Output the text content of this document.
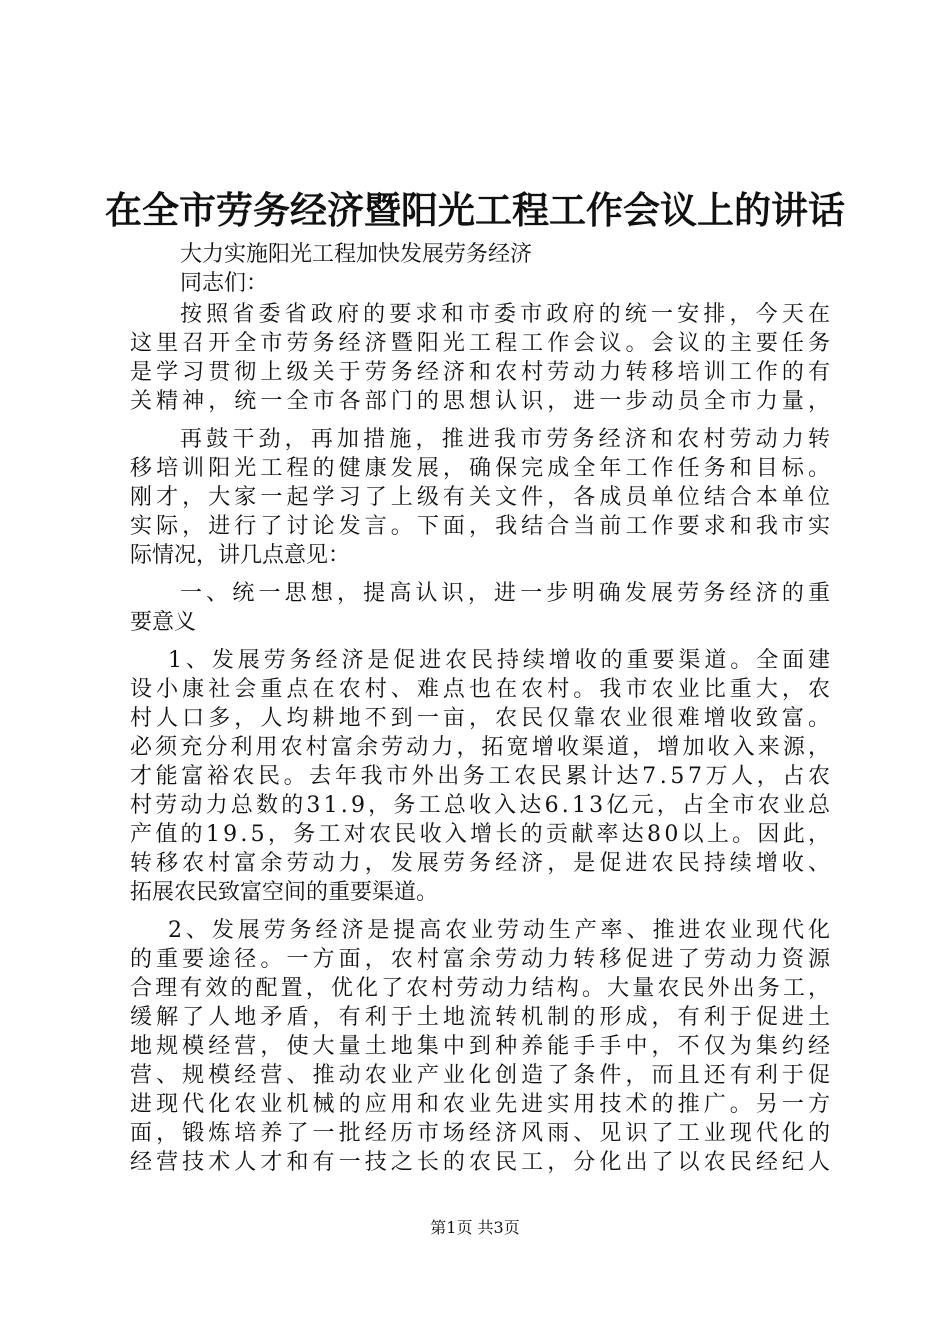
在全市劳务经济暨阳光工程工作会议上的讲话
大力实施阳光工程加快发展劳务经济
同志们：
按照省委省政府的要求和市委市政府的统一安排，今天在
这里召开全市劳务经济暨阳光工程工作会议。会议的主要任务
是学习贯彻上级关于劳务经济和农村劳动力转移培训工作的有
关精神，统一全市各部门的思想认识，进一步动员全市力量，
再鼓干劲，再加措施，推进我市劳务经济和农村劳动力转
移培训阳光工程的健康发展，确保完成全年工作任务和目标。
刚才，大家一起学习了上级有关文件，各成员单位结合本单位
实际，进行了讨论发言。下面，我结合当前工作要求和我市实
际情况，讲几点意见：
一、统一思想，提高认识，进一步明确发展劳务经济的重
要意义
1、发展劳务经济是促进农民持续增收的重要渠道。全面建
设小康社会重点在农村、难点也在农村。我市农业比重大，农
村人口多，人均耕地不到一亩，农民仅靠农业很难增收致富。
必须充分利用农村富余劳动力，拓宽增收渠道，增加收入来源，
才能富裕农民。去年我市外出务工农民累计达7.57万人，占农
村劳动力总数的31.9，务工总收入达6.13亿元，占全市农业总
产值的19.5，务工对农民收入增长的贡献率达80以上。因此，
转移农村富余劳动力，发展劳务经济，是促进农民持续增收、
拓展农民致富空间的重要渠道。
2、发展劳务经济是提高农业劳动生产率、推进农业现代化
的重要途径。一方面，农村富余劳动力转移促进了劳动力资源
合理有效的配置，优化了农村劳动力结构。大量农民外出务工，
缓解了人地矛盾，有利于土地流转机制的形成，有利于促进土
地规模经营，使大量土地集中到种养能手手中，不仅为集约经
营、规模经营、推动农业产业化创造了条件，而且还有利于促
进现代化农业机械的应用和农业先进实用技术的推广。另一方
面，锻炼培养了一批经历市场经济风雨、见识了工业现代化的
经营技术人才和有一技之长的农民工，分化出了以农民经纪人
第1页 共3页
